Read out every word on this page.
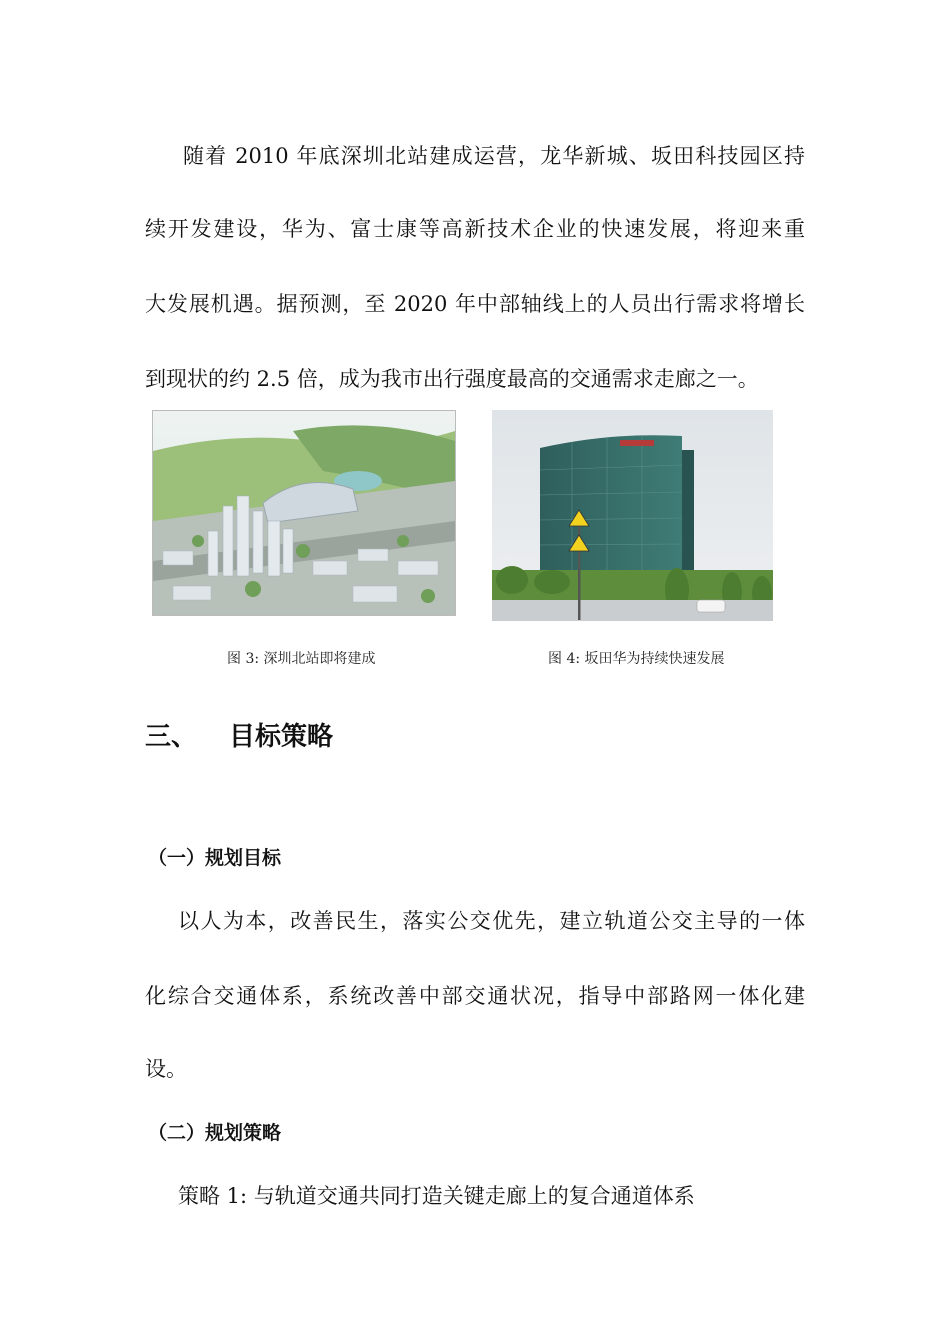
随着 2010 年底深圳北站建成运营，龙华新城、坂田科技园区持
续开发建设，华为、富士康等高新技术企业的快速发展，将迎来重
大发展机遇。据预测，至 2020 年中部轴线上的人员出行需求将增长
到现状的约 2.5 倍，成为我市出行强度最高的交通需求走廊之一。
图 3: 深圳北站即将建成	图 4: 坂田华为持续快速发展
三、 目标策略
（一）规划目标
以人为本，改善民生，落实公交优先，建立轨道公交主导的一体
化综合交通体系，系统改善中部交通状况，指导中部路网一体化建
设。
（二）规划策略
策略 1: 与轨道交通共同打造关键走廊上的复合通道体系
